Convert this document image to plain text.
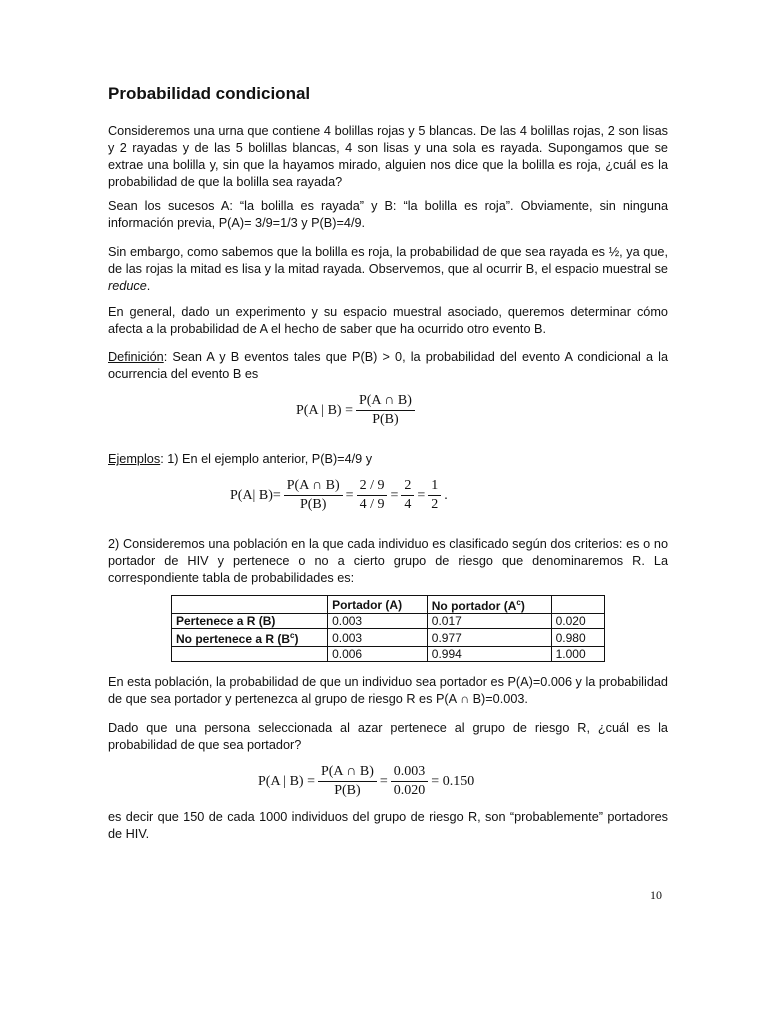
Probabilidad condicional
Consideremos una urna que contiene 4 bolillas rojas y 5 blancas. De las 4 bolillas rojas, 2 son lisas y 2 rayadas y de las 5 bolillas blancas, 4 son lisas y una sola es rayada. Supongamos que se extrae una bolilla y, sin que la hayamos mirado, alguien nos dice que la bolilla es roja, ¿cuál es la probabilidad de que la bolilla sea rayada?
Sean los sucesos A: “la bolilla es rayada” y B: “la bolilla es roja”. Obviamente, sin ninguna información previa, P(A)= 3/9=1/3 y P(B)=4/9.
Sin embargo, como sabemos que la bolilla es roja, la probabilidad de que sea rayada es ½, ya que, de las rojas la mitad es lisa y la mitad rayada. Observemos, que al ocurrir B, el espacio muestral se reduce.
En general, dado un experimento y su espacio muestral asociado, queremos determinar cómo afecta a la probabilidad de A el hecho de saber que ha ocurrido otro evento B.
Definición: Sean A y B eventos tales que P(B) > 0, la probabilidad del evento A condicional a la ocurrencia del evento B es
P(A | $B) = \frac{P(A \cap B)}{P(B)}$
Ejemplos: 1) En el ejemplo anterior, P(B)=4/9 y
P(A| $B)= \frac{P(A \cap B)}{P(B)} = \frac{2 / 9}{4 / 9} = \frac{2}{4} = \frac{1}{2}$ .
2) Consideremos una población en la que cada individuo es clasificado según dos criterios: es o no portador de HIV y pertenece o no a cierto grupo de riesgo que denominaremos R. La correspondiente tabla de probabilidades es:
	Portador (A)	No portador $(A^c)$	
Pertenece a R (B)	0.003	0.017	0.020
No pertenece a R $(B^c)$	0.003	0.977	0.980
	0.006	0.994	1.000
En esta población, la probabilidad de que un individuo sea portador es P(A)=0.006 y la probabilidad de que sea portador y pertenezca al grupo de riesgo R es P(A ∩ B)=0.003.
Dado que una persona seleccionada al azar pertenece al grupo de riesgo R, ¿cuál es la probabilidad de que sea portador?
P(A | $B) = \frac{P(A \cap B)}{P(B)} = \frac{0.003}{0.020} = 0.150$
es decir que 150 de cada 1000 individuos del grupo de riesgo R, son “probablemente” portadores de HIV.
10
